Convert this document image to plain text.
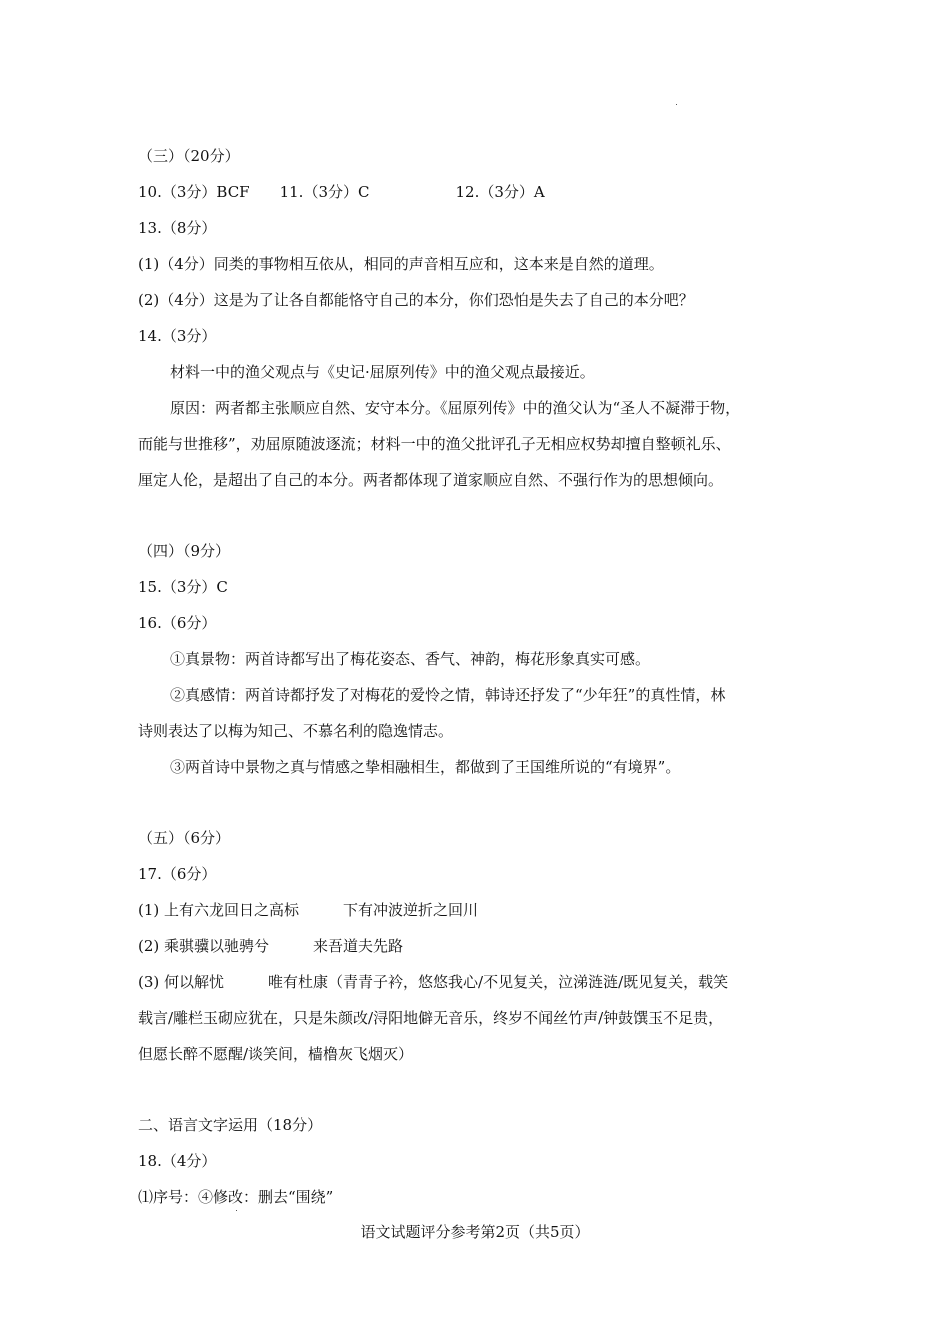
（三）（20分）
10.（3分）BCF 11.（3分）C	12.（3分）A
13.（8分）
(1)（4分）同类的事物相互依从，相同的声音相互应和，这本来是自然的道理。
(2)（4分）这是为了让各自都能恪守自己的本分，你们恐怕是失去了自己的本分吧？
14.（3分）
材料一中的渔父观点与《史记·屈原列传》中的渔父观点最接近。
原因：两者都主张顺应自然、安守本分。《屈原列传》中的渔父认为“圣人不凝滞于物，
而能与世推移”，劝屈原随波逐流；材料一中的渔父批评孔子无相应权势却擅自整顿礼乐、
厘定人伦，是超出了自己的本分。两者都体现了道家顺应自然、不强行作为的思想倾向。
（四）（9分）
15.（3分）C
16.（6分）
①真景物：两首诗都写出了梅花姿态、香气、神韵，梅花形象真实可感。
②真感情：两首诗都抒发了对梅花的爱怜之情，韩诗还抒发了“少年狂”的真性情，林
诗则表达了以梅为知己、不慕名利的隐逸情志。
③两首诗中景物之真与情感之挚相融相生，都做到了王国维所说的“有境界”。
（五）（6分）
17.（6分）
(1) 上有六龙回日之高标	下有冲波逆折之回川
(2) 乘骐骥以驰骋兮	来吾道夫先路
(3) 何以解忧	唯有杜康（青青子衿，悠悠我心/不见复关，泣涕涟涟/既见复关，载笑
载言/雕栏玉砌应犹在，只是朱颜改/浔阳地僻无音乐，终岁不闻丝竹声/钟鼓馔玉不足贵，
但愿长醉不愿醒/谈笑间，樯橹灰飞烟灭）
二、语言文字运用（18分）
18.（4分）
⑴序号：④修改：删去“围绕”
语文试题评分参考第2页（共5页）
